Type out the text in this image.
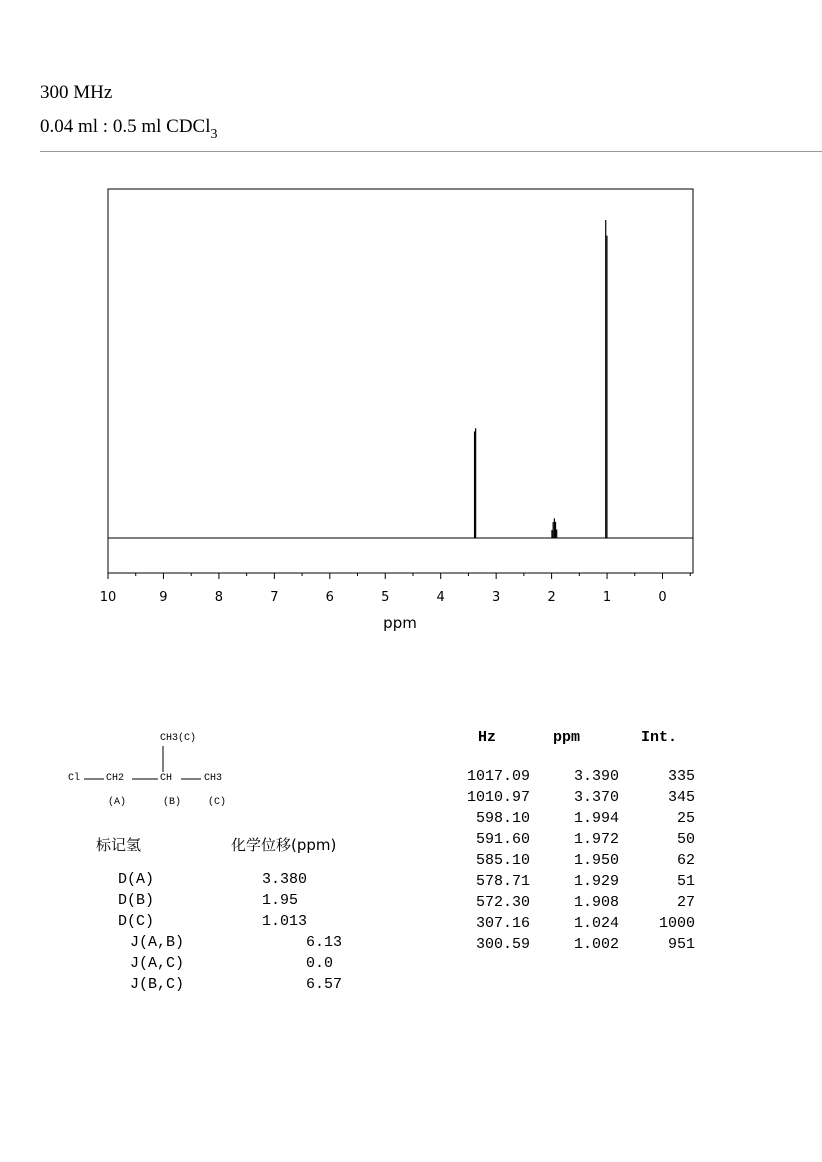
300 MHz
0.04 ml : 0.5 ml CDCl$_3$
10	9	8	7	6	5	4	3	2	1	0
ppm
CH3(C)
Cl	CH2	CH	CH3
(A)	(B)	(C)
标记氢	化学位移(ppm)
D(A)	3.380
D(B)	1.95
D(C)	1.013
J(A,B)	6.13
J(A,C)	0.0
J(B,C)	6.57
Hz	ppm	Int.
1017.09	3.390	335
1010.97	3.370	345
598.10	1.994	25
591.60	1.972	50
585.10	1.950	62
578.71	1.929	51
572.30	1.908	27
307.16	1.024	1000
300.59	1.002	951
